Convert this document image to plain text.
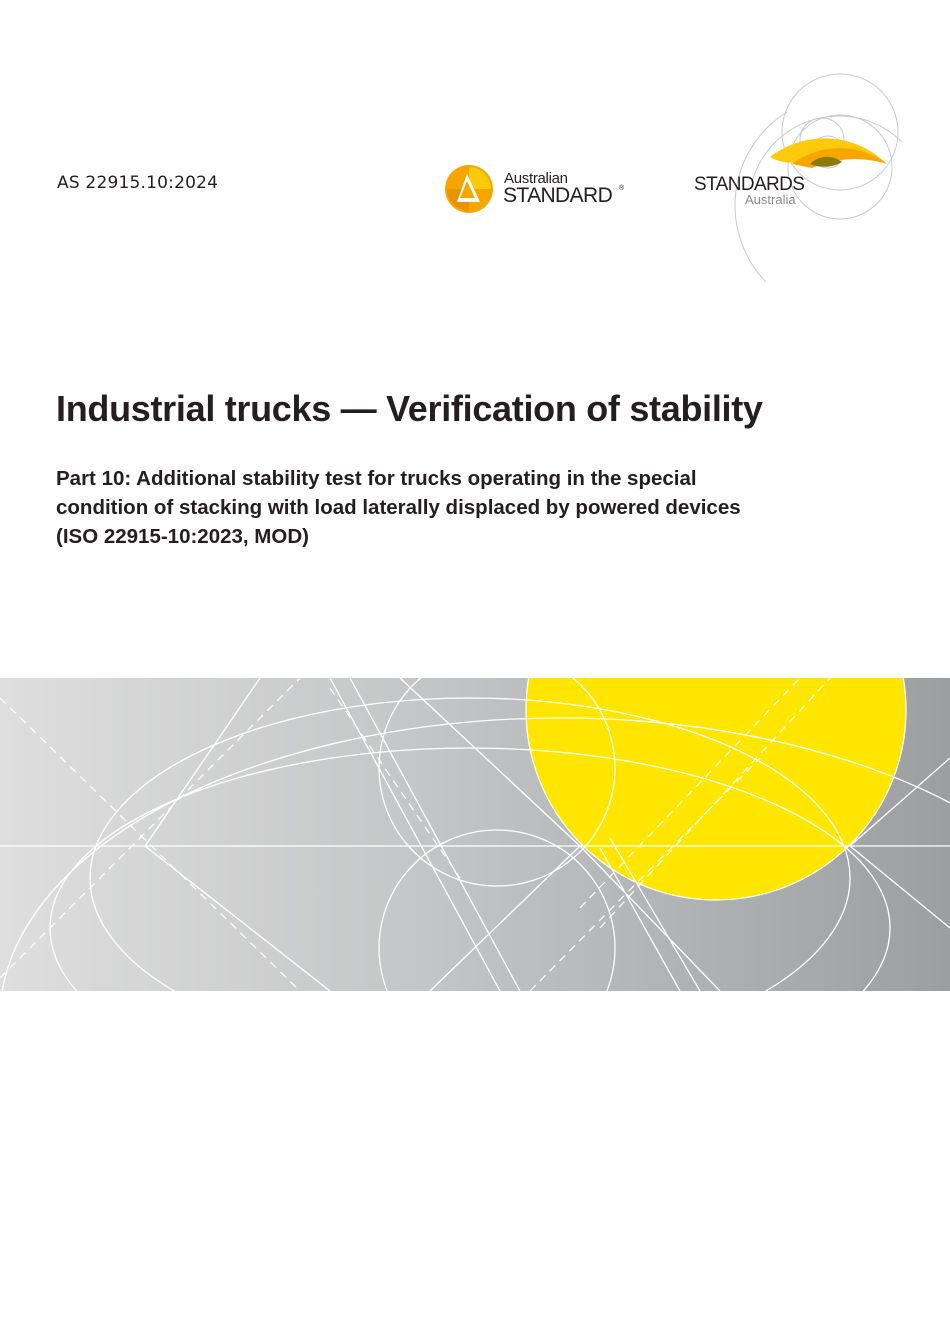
AS 22915.10:2024	Australian
STANDARD ®	STANDARDS
Australia
Industrial trucks — Verification of stability
Part 10: Additional stability test for trucks operating in the special
condition of stacking with load laterally displaced by powered devices
(ISO 22915-10:2023, MOD)
